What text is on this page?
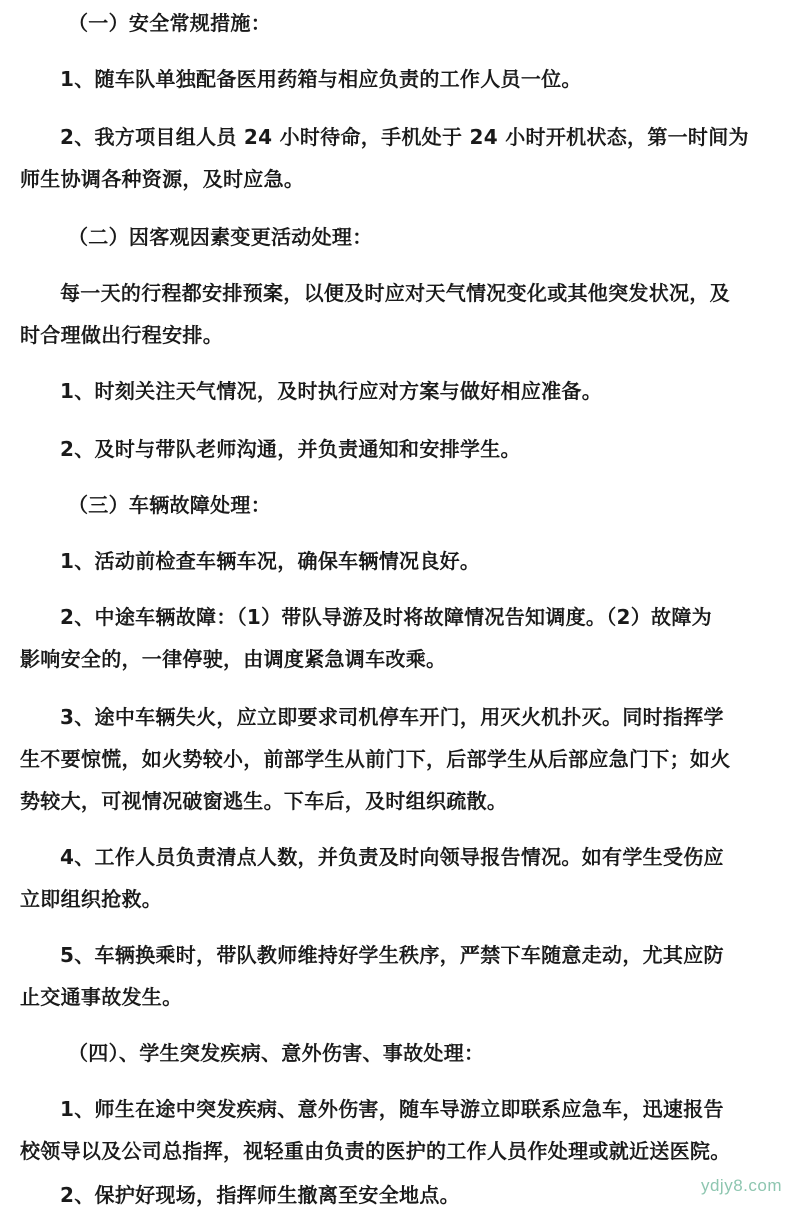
（一）安全常规措施：
1、随车队单独配备医用药箱与相应负责的工作人员一位。
2、我方项目组人员 24 小时待命，手机处于 24 小时开机状态，第一时间为
师生协调各种资源，及时应急。
（二）因客观因素变更活动处理：
每一天的行程都安排预案，以便及时应对天气情况变化或其他突发状况，及
时合理做出行程安排。
1、时刻关注天气情况，及时执行应对方案与做好相应准备。
2、及时与带队老师沟通，并负责通知和安排学生。
（三）车辆故障处理：
1、活动前检查车辆车况，确保车辆情况良好。
2、中途车辆故障：（1）带队导游及时将故障情况告知调度。（2）故障为
影响安全的，一律停驶，由调度紧急调车改乘。
3、途中车辆失火，应立即要求司机停车开门，用灭火机扑灭。同时指挥学
生不要惊慌，如火势较小，前部学生从前门下，后部学生从后部应急门下；如火
势较大，可视情况破窗逃生。下车后，及时组织疏散。
4、工作人员负责清点人数，并负责及时向领导报告情况。如有学生受伤应
立即组织抢救。
5、车辆换乘时，带队教师维持好学生秩序，严禁下车随意走动，尤其应防
止交通事故发生。
（四）、学生突发疾病、意外伤害、事故处理：
1、师生在途中突发疾病、意外伤害，随车导游立即联系应急车，迅速报告
校领导以及公司总指挥，视轻重由负责的医护的工作人员作处理或就近送医院。
2、保护好现场，指挥师生撤离至安全地点。	ydjy8.com
